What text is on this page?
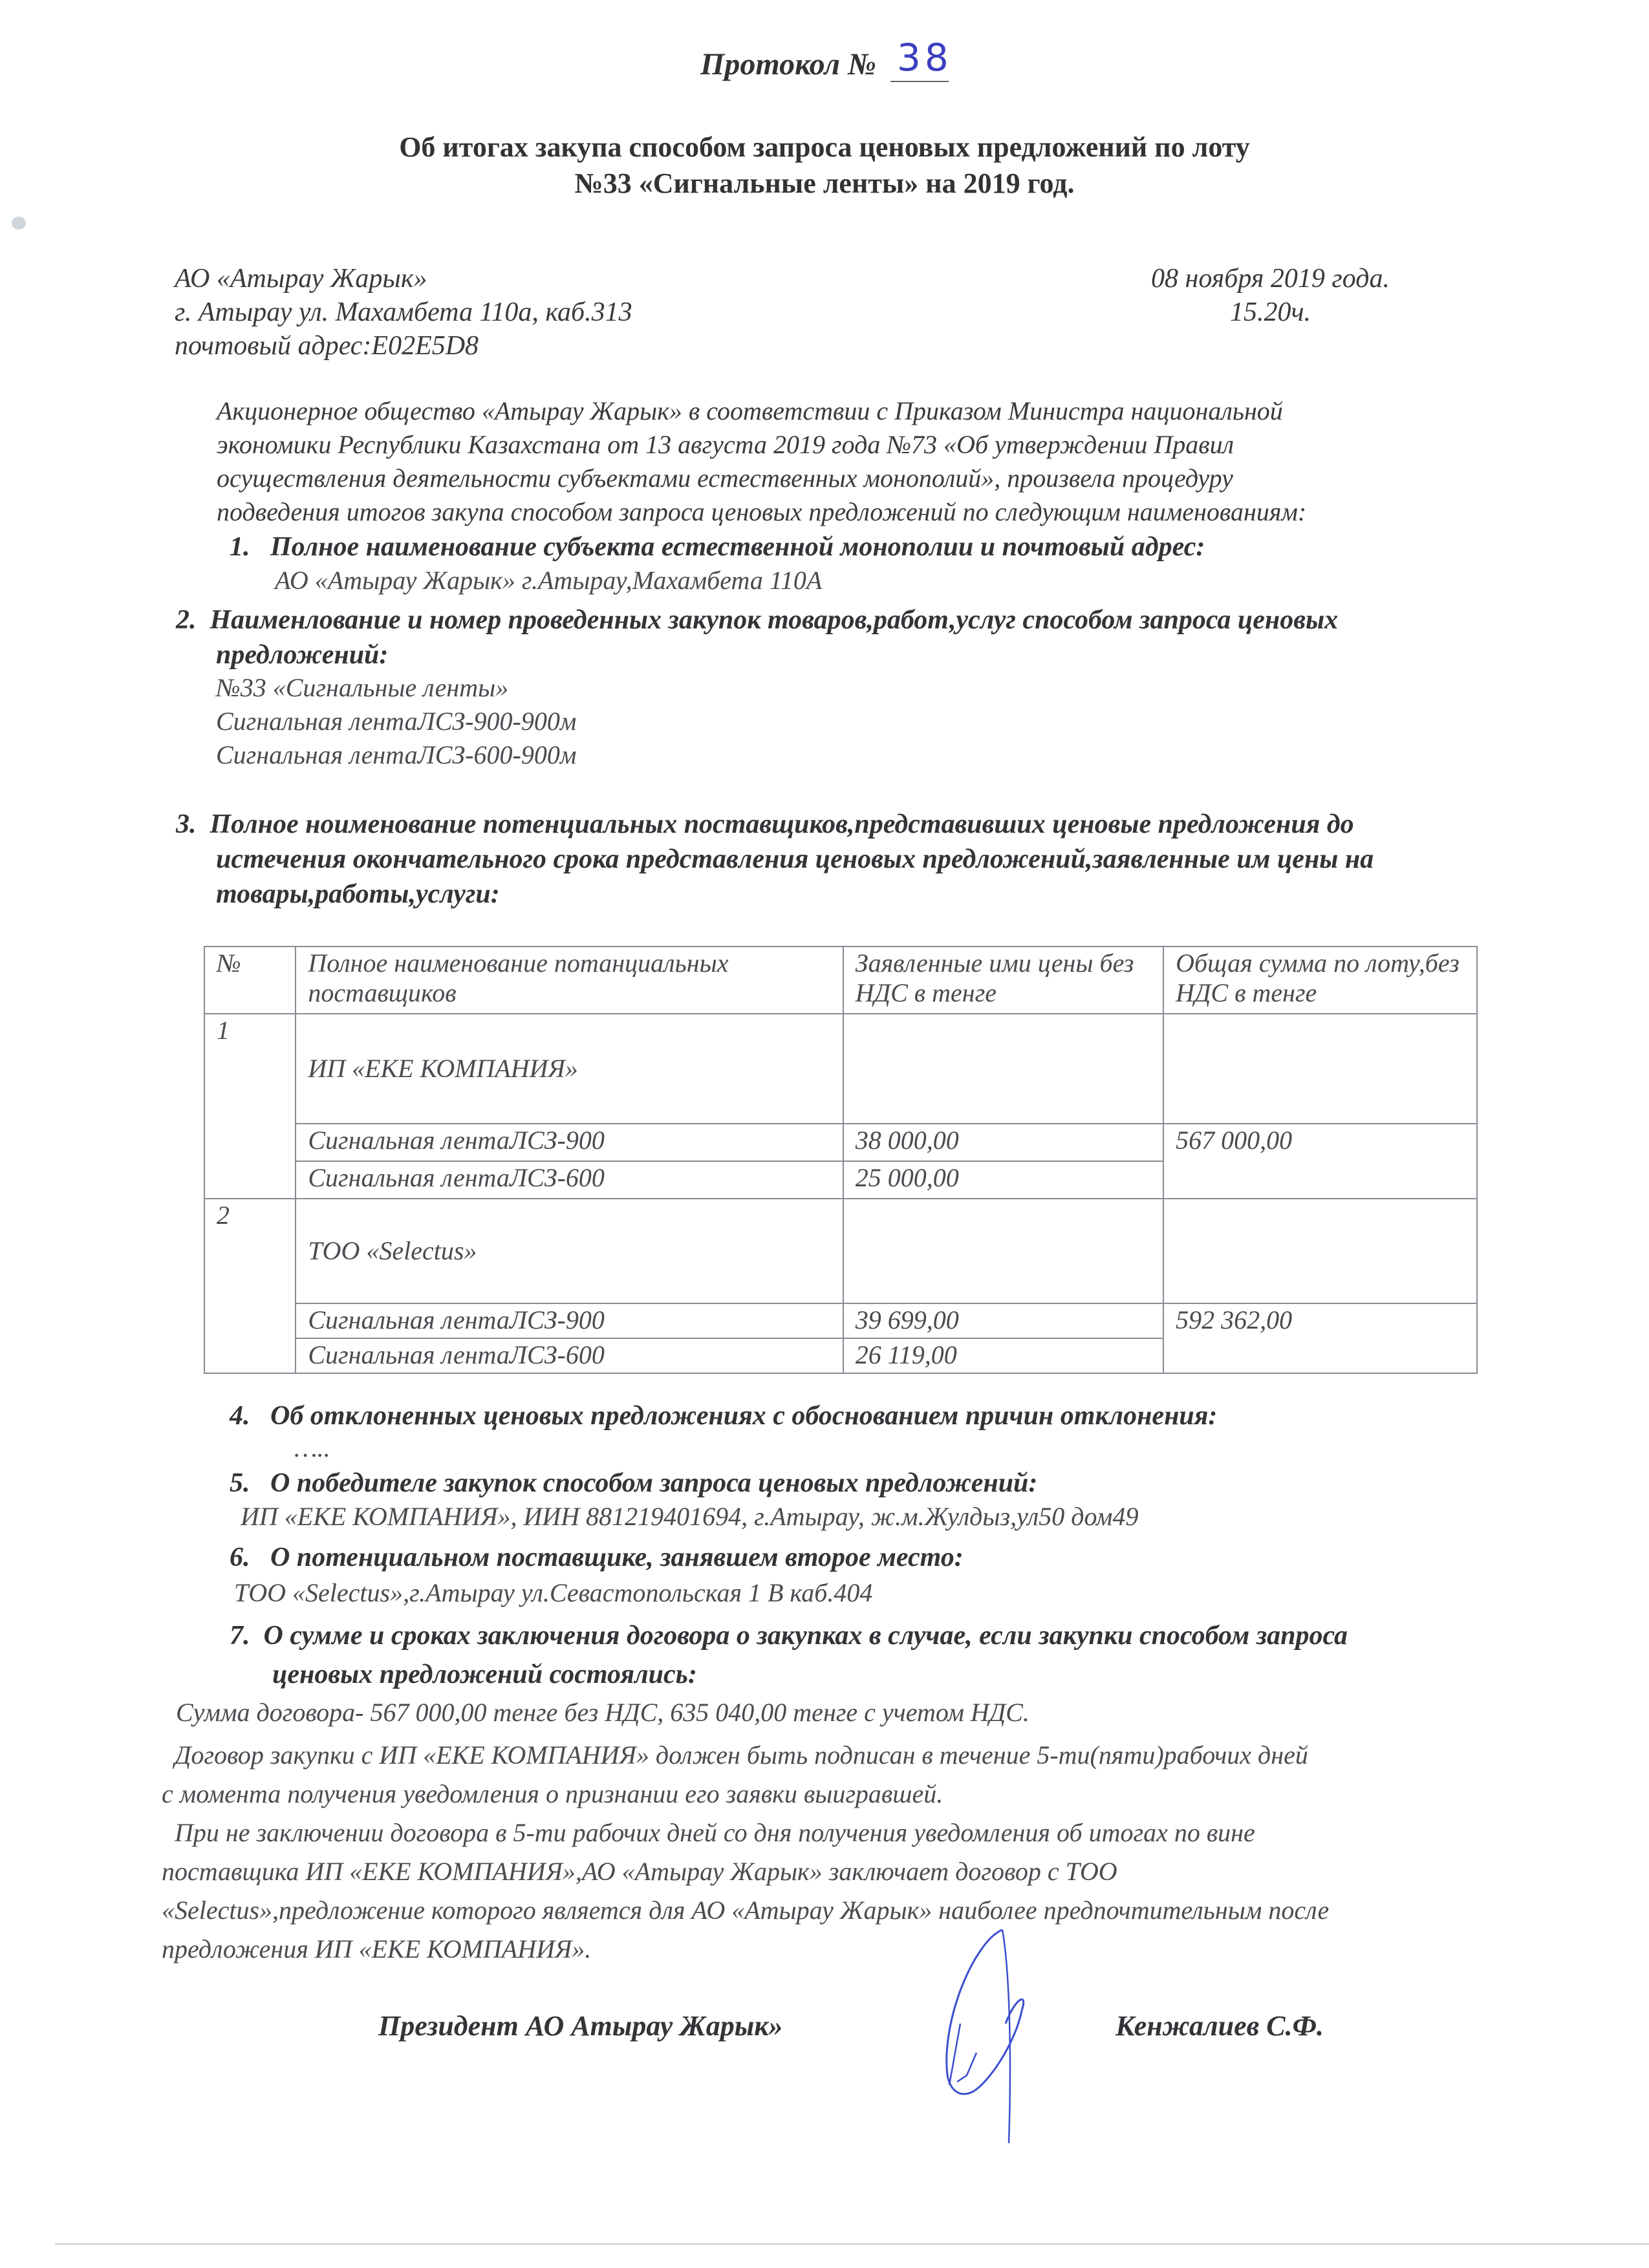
Протокол № 38
Об итогах закупа способом запроса ценовых предложений по лоту
№33 «Сигнальные ленты» на 2019 год.
АО «Атырау Жарык»
г. Атырау ул. Махамбета 110а, каб.313
почтовый адрес:E02E5D8
08 ноября 2019 года.
15.20ч.
Акционерное общество «Атырау Жарык» в соответствии с Приказом Министра национальной
экономики Республики Казахстана от 13 августа 2019 года №73 «Об утверждении Правил
осуществления деятельности субъектами естественных монополий», произвела процедуру
подведения итогов закупа способом запроса ценовых предложений по следующим наименованиям:
1. Полное наименование субъекта естественной монополии и почтовый адрес:
АО «Атырау Жарык» г.Атырау,Махамбета 110А
2. Наименлование и номер проведенных закупок товаров,работ,услуг способом запроса ценовых
предложений:
№33 «Сигнальные ленты»
Сигнальная лентаЛСЗ-900-900м
Сигнальная лентаЛСЗ-600-900м
3. Полное ноименование потенциальных поставщиков,представивших ценовые предложения до
истечения окончательного срока представления ценовых предложений,заявленные им цены на
товары,работы,услуги:
№	Полное наименование потанциальных поставщиков	Заявленные ими цены без НДС в тенге	Общая сумма по лоту,без НДС в тенге
1	ИП «ЕКЕ КОМПАНИЯ»		
	Сигнальная лентаЛСЗ-900	38 000,00	567 000,00
	Сигнальная лентаЛСЗ-600	25 000,00	
2	ТОО «Selectus»		
	Сигнальная лентаЛСЗ-900	39 699,00	592 362,00
	Сигнальная лентаЛСЗ-600	26 119,00	
4. Об отклоненных ценовых предложениях с обоснованием причин отклонения:
…..
5. О победителе закупок способом запроса ценовых предложений:
ИП «ЕКЕ КОМПАНИЯ», ИИН 881219401694, г.Атырау, ж.м.Жулдыз,ул50 дом49
6. О потенциальном поставщике, занявшем второе место:
ТОО «Selectus»,г.Атырау ул.Севастопольская 1 В каб.404
7. О сумме и сроках заключения договора о закупках в случае, если закупки способом запроса
ценовых предложений состоялись:
Сумма договора- 567 000,00 тенге без НДС, 635 040,00 тенге с учетом НДС.
Договор закупки с ИП «ЕКЕ КОМПАНИЯ» должен быть подписан в течение 5-ти(пяти)рабочих дней
с момента получения уведомления о признании его заявки выигравшей.
При не заключении договора в 5-ти рабочих дней со дня получения уведомления об итогах по вине
поставщика ИП «ЕКЕ КОМПАНИЯ»,АО «Атырау Жарык» заключает договор с ТОО
«Selectus»,предложение которого является для АО «Атырау Жарык» наиболее предпочтительным после
предложения ИП «ЕКЕ КОМПАНИЯ».
Президент АО Атырау Жарык»	Кенжалиев С.Ф.
